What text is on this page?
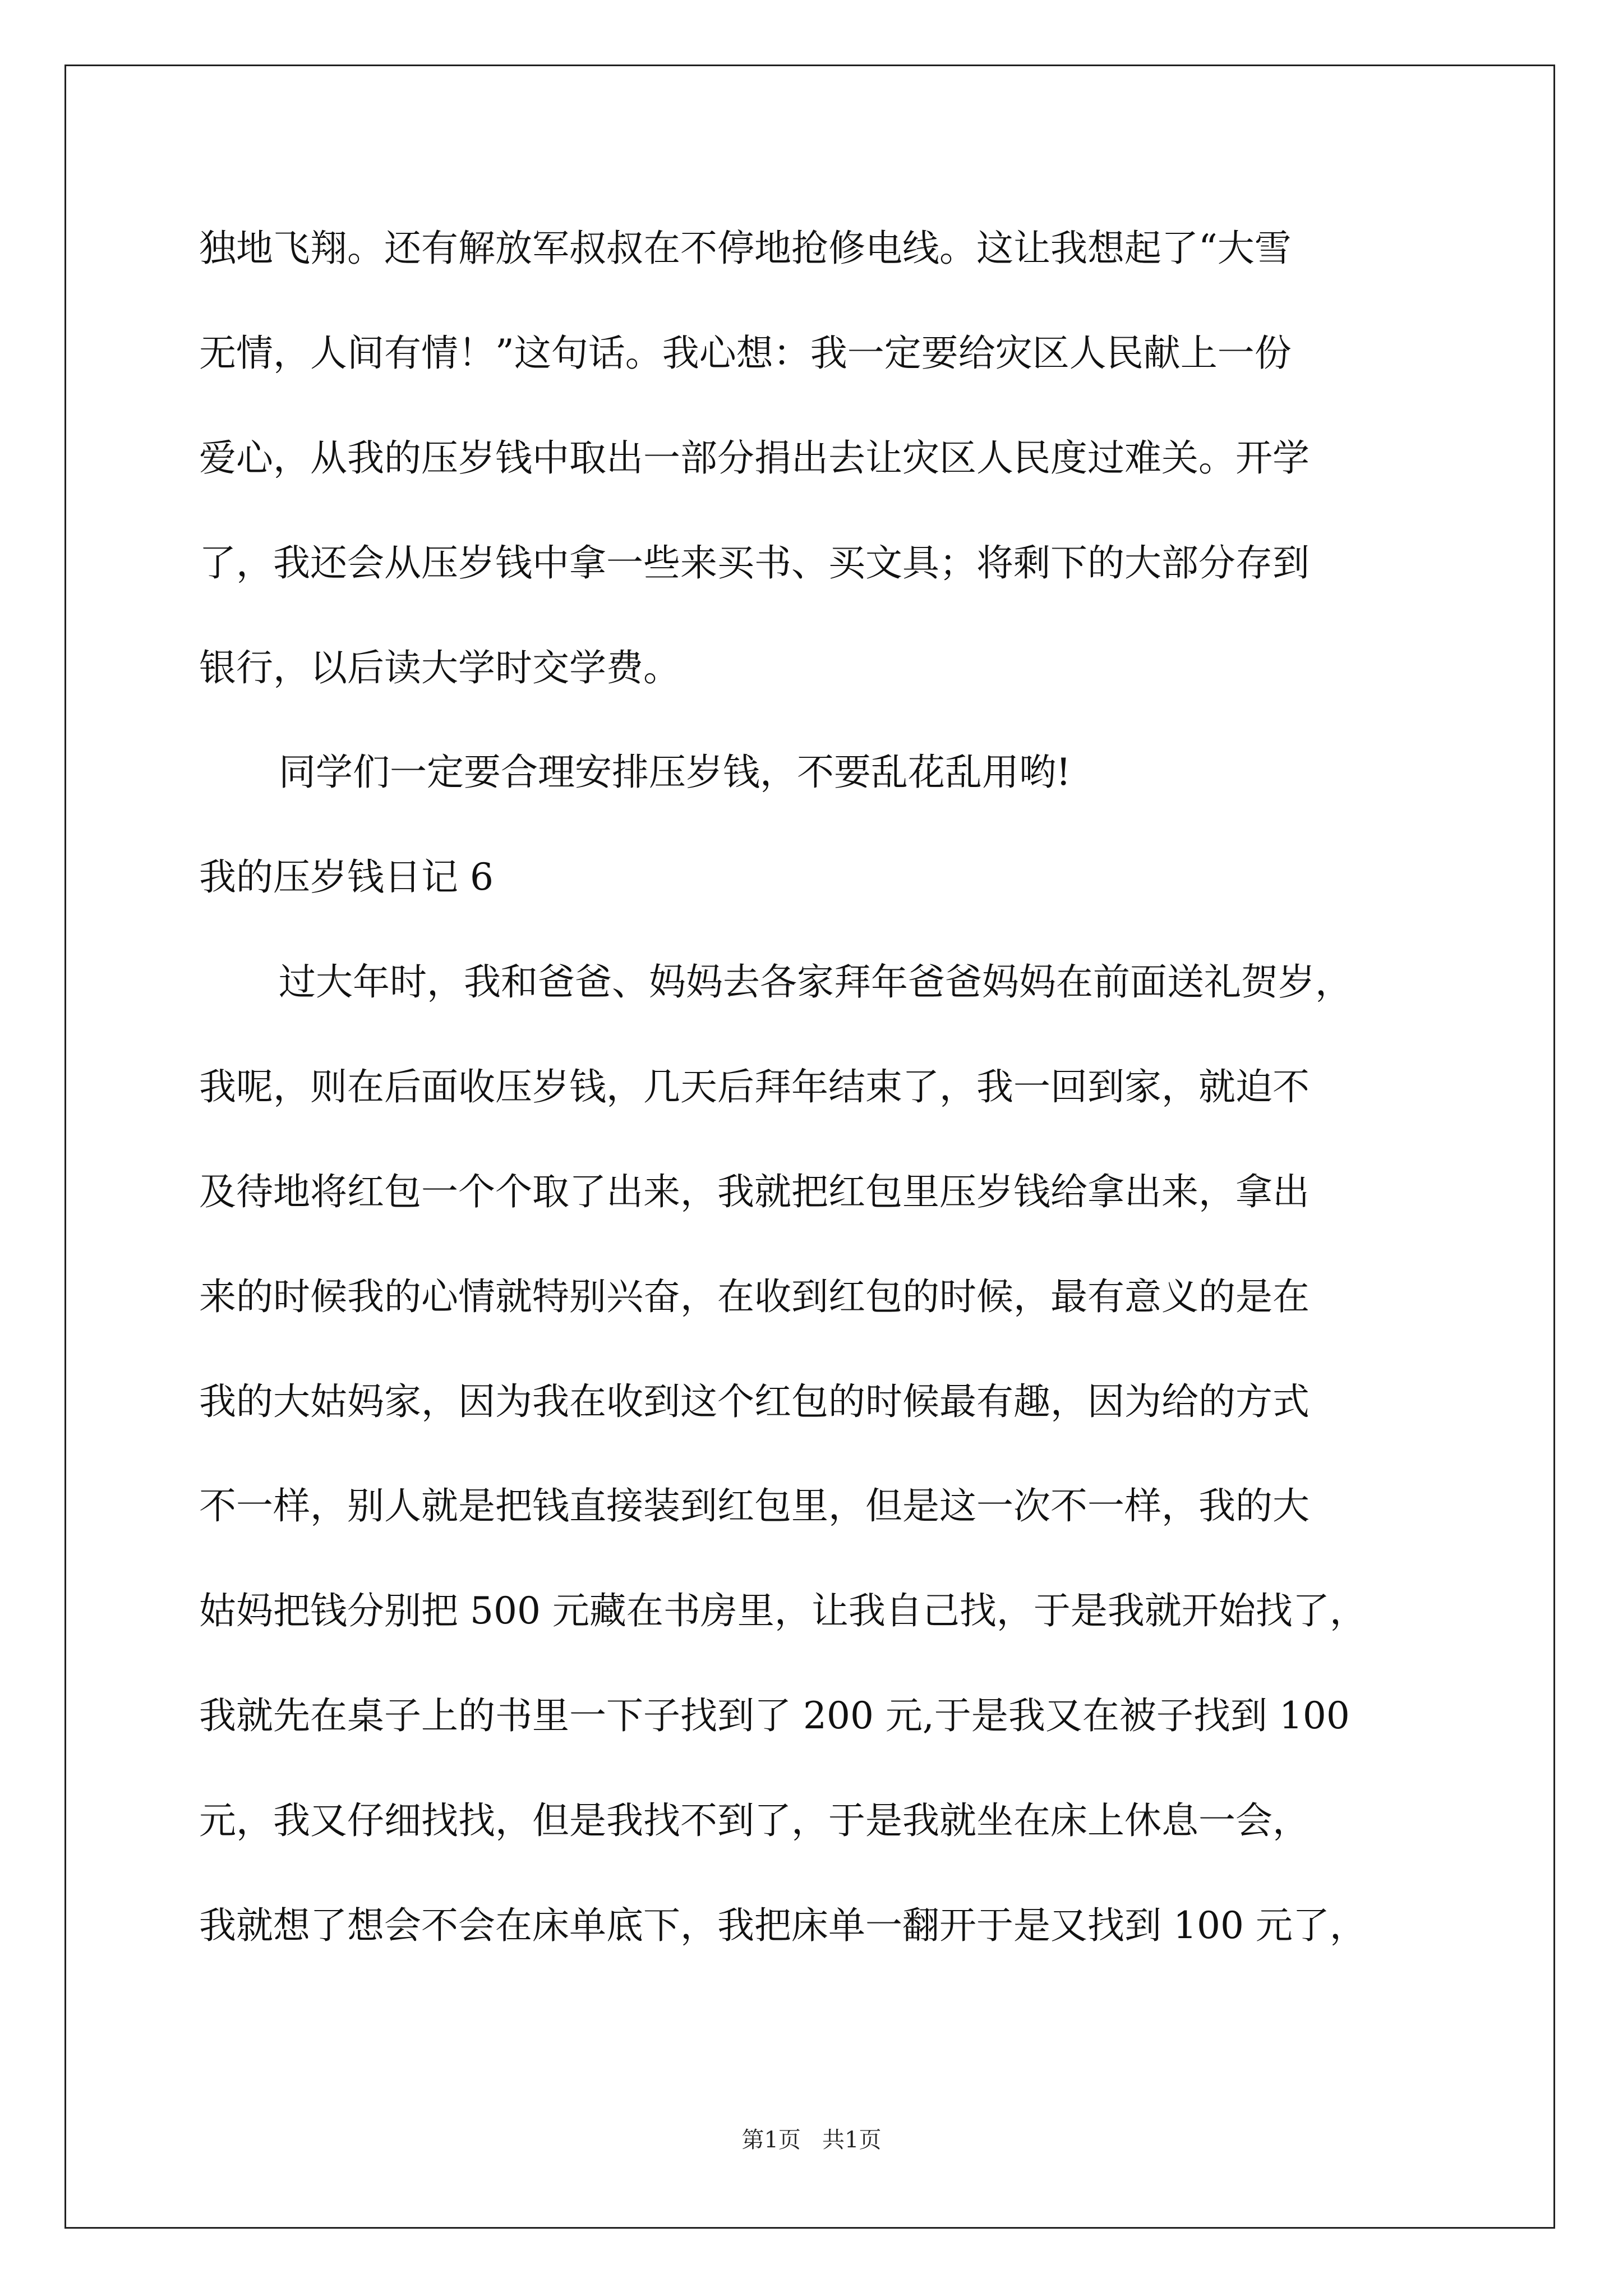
独地飞翔。还有解放军叔叔在不停地抢修电线。这让我想起了“大雪
无情，人间有情！”这句话。我心想：我一定要给灾区人民献上一份
爱心，从我的压岁钱中取出一部分捐出去让灾区人民度过难关。开学
了，我还会从压岁钱中拿一些来买书、买文具；将剩下的大部分存到
银行，以后读大学时交学费。
同学们一定要合理安排压岁钱，不要乱花乱用哟!
我的压岁钱日记 6
过大年时，我和爸爸、妈妈去各家拜年爸爸妈妈在前面送礼贺岁，
我呢，则在后面收压岁钱，几天后拜年结束了，我一回到家，就迫不
及待地将红包一个个取了出来，我就把红包里压岁钱给拿出来，拿出
来的时候我的心情就特别兴奋，在收到红包的时候，最有意义的是在
我的大姑妈家，因为我在收到这个红包的时候最有趣，因为给的方式
不一样，别人就是把钱直接装到红包里，但是这一次不一样，我的大
姑妈把钱分别把 500 元藏在书房里，让我自己找，于是我就开始找了，
我就先在桌子上的书里一下子找到了 200 元,于是我又在被子找到 100
元，我又仔细找找，但是我找不到了，于是我就坐在床上休息一会，
我就想了想会不会在床单底下，我把床单一翻开于是又找到 100 元了，
第1页   共1页
